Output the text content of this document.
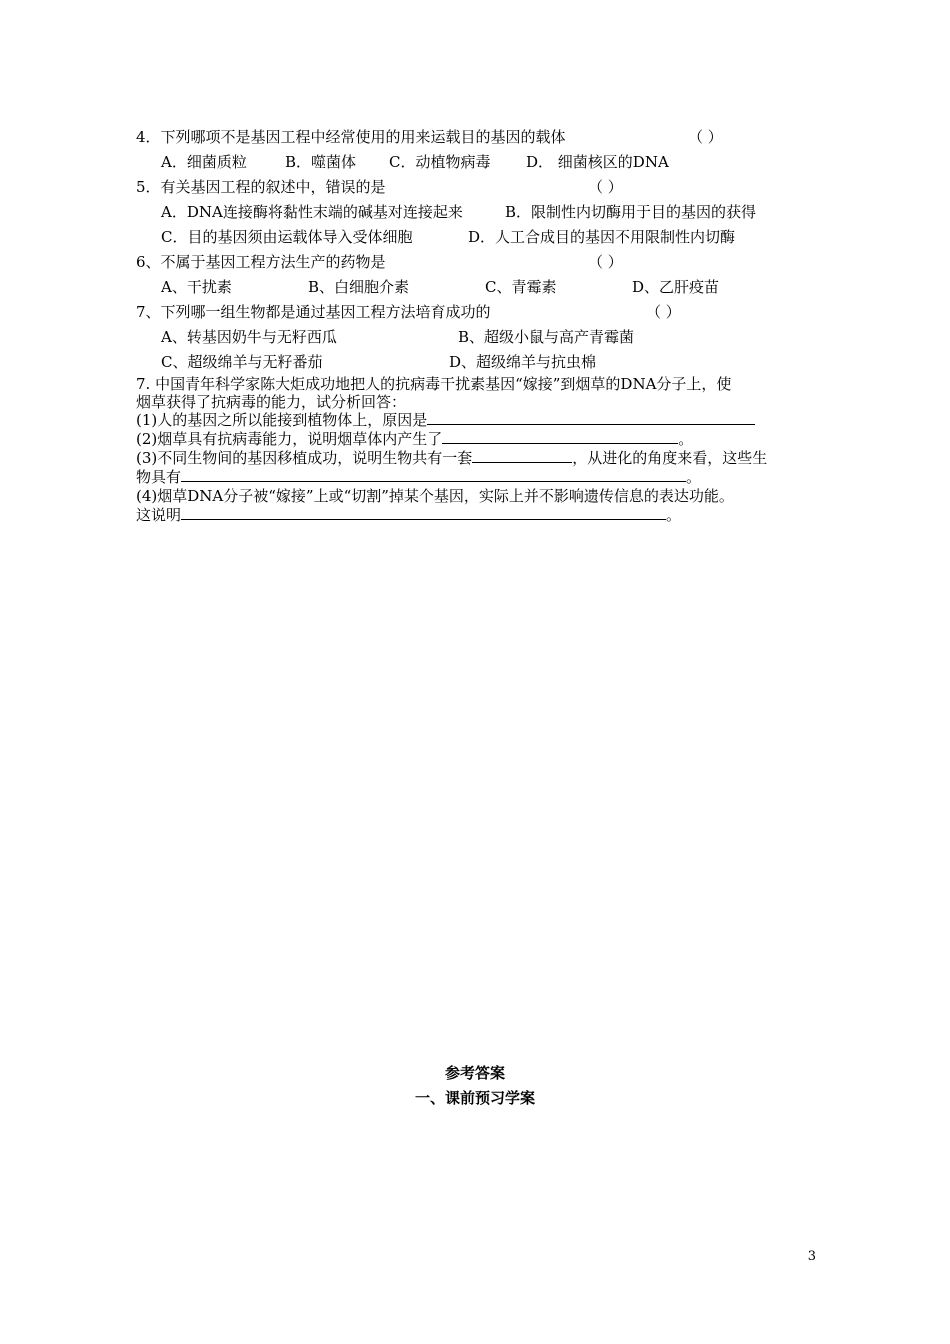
4．下列哪项不是基因工程中经常使用的用来运载目的基因的载体	（ ）
A．细菌质粒	B．噬菌体 C．动植物病毒 D． 细菌核区的DNA
5．有关基因工程的叙述中，错误的是	（ ）
A．DNA连接酶将黏性末端的碱基对连接起来	B．限制性内切酶用于目的基因的获得
C．目的基因须由运载体导入受体细胞	D．人工合成目的基因不用限制性内切酶
6、不属于基因工程方法生产的药物是	（ ）
A、干扰素	B、白细胞介素	C、青霉素	D、乙肝疫苗
7、下列哪一组生物都是通过基因工程方法培育成功的	（ ）
A、转基因奶牛与无籽西瓜	B、超级小鼠与高产青霉菌
C、超级绵羊与无籽番茄	D、超级绵羊与抗虫棉
7. 中国青年科学家陈大炬成功地把人的抗病毒干扰素基因“嫁接”到烟草的DNA分子上，使
烟草获得了抗病毒的能力，试分析回答：
(1)人的基因之所以能接到植物体上，原因是
(2)烟草具有抗病毒能力，说明烟草体内产生了	。
(3)不同生物间的基因移植成功，说明生物共有一套	，从进化的角度来看，这些生
物具有	。
(4)烟草DNA分子被“嫁接”上或“切割”掉某个基因，实际上并不影响遗传信息的表达功能。
这说明	。
参考答案
一、课前预习学案
3
